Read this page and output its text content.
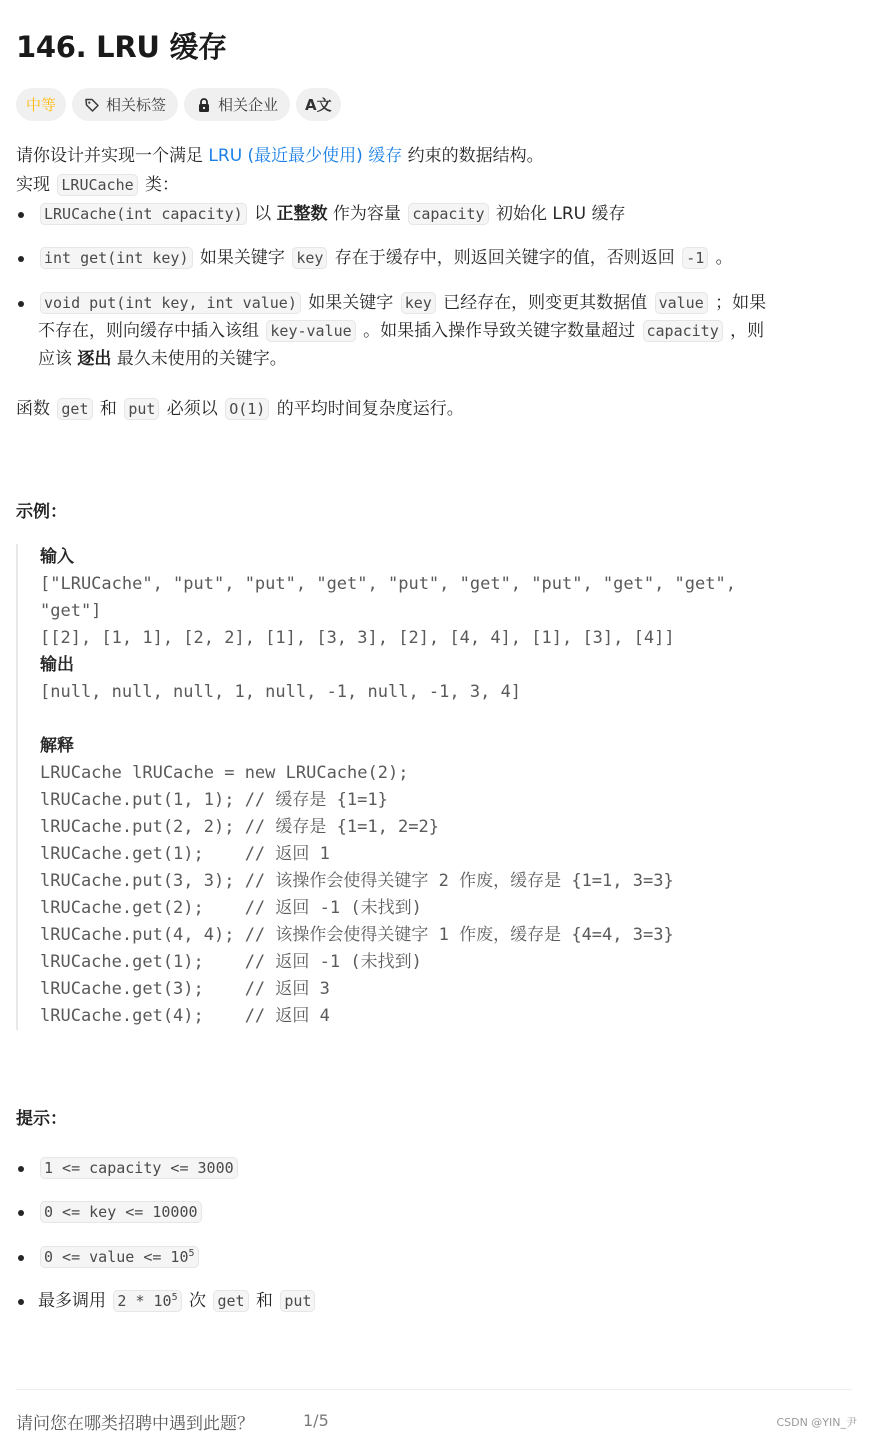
146. LRU 缓存
中等	相关标签	相关企业 A文
请你设计并实现一个满足 LRU (最近最少使用) 缓存 约束的数据结构。
实现 LRUCache 类：
LRUCache(int capacity) 以 正整数 作为容量 capacity 初始化 LRU 缓存
int get(int key) 如果关键字 key 存在于缓存中，则返回关键字的值，否则返回 -1 。
void put(int key, int value) 如果关键字 key 已经存在，则变更其数据值 value ；如果
不存在，则向缓存中插入该组 key-value 。如果插入操作导致关键字数量超过 capacity ，则
应该 逐出 最久未使用的关键字。
函数 get 和 put 必须以 O(1) 的平均时间复杂度运行。
示例：
输入
["LRUCache", "put", "put", "get", "put", "get", "put", "get", "get",
"get"]
[[2], [1, 1], [2, 2], [1], [3, 3], [2], [4, 4], [1], [3], [4]]
输出
[null, null, null, 1, null, -1, null, -1, 3, 4]
解释
LRUCache lRUCache = new LRUCache(2);
lRUCache.put(1, 1); // 缓存是 {1=1}
lRUCache.put(2, 2); // 缓存是 {1=1, 2=2}
lRUCache.get(1);    // 返回 1
lRUCache.put(3, 3); // 该操作会使得关键字 2 作废，缓存是 {1=1, 3=3}
lRUCache.get(2);    // 返回 -1 (未找到)
lRUCache.put(4, 4); // 该操作会使得关键字 1 作废，缓存是 {4=4, 3=3}
lRUCache.get(1);    // 返回 -1 (未找到)
lRUCache.get(3);    // 返回 3
lRUCache.get(4);    // 返回 4
提示：
1 <= capacity <= 3000
0 <= key <= 10000
0 <= value <= $10^5$
最多调用 $2 * 10^5$ 次 get 和 put
请问您在哪类招聘中遇到此题？	1/5	CSDN @YIN_尹
